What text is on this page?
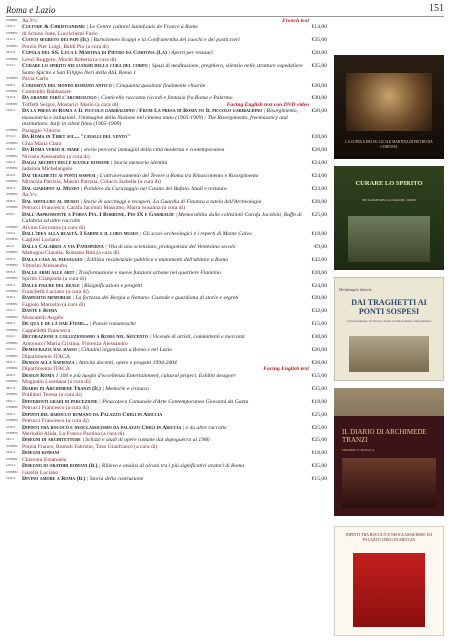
Roma e Lazio	151
9788882 Aa.Vv.	French text
1200-1	Culture & Christianisme | Le Centre culturel SaintLouis de France à Rome	€14,00
9788882 di Schino June, Luccichenti Furio
1412-3	Cuoco segreto dei papi (Il) | Bartolomeo Scappi e la Confraternita dei cuochi e dei pasticcieri	€35,00
9788882 Porzio Pier Luigi, Baldi Pio (a cura di)
3115-8	Cupola del SS. Luca e Martina di Pietro da Cortona (La) | Aperti per restauri	€20,00
9788882 Lenci Ruggero, Mochi Roberta (a cura di)
3744-1	Curare lo spirito nei luoghi della cura del corpo | Spazi di meditazione, preghiera, silenzio nelle strutture ospedaliere Santo Spirito e San Filippo Neri della ASL Roma 1
€25,00
9788882 Pavia Carlo
0198-7	Curiosità del mondo romano antico | Cinquanta questioni finalmente chiarite	€30,00
9788882 Conticello Baldassare
1943-8	Da grande farò l'archeologo | Conticello racconta ricordi e fantasia fra Roma e Palermo	€30,00
9788882 Toffetti Sergio, Mostarici Mario (a cura di)	Facing English text con DVD video
1320-1	Da la presa di Roma a Il piccolo garibaldino / From La presa di Roma to Il piccolo garibaldino | Risorgimento, massoneria e istituzioni: l'immagine della Nazione nel cinema muto (1905-1909) / The Risorgimento, freemasonry and institutions: Italy in silent films (1905-1909)
€20,00
9788882 Paraggio Vittorio
8733-0	Da Roma in Tibet sul... "cavalli del vento"	€20,00
9788882 Ghia Maria Clara
3538-6	Da Roma verso il mare | storie percorsi immagini della città moderna e contemporanea	€28,00
9788882 Nicosia Alessandro (a cura di)
1002-6	Dagli archivi delle scuole romane | Storia memoria identità	€24,00
9788882 Iadarola Michelangelo
3510-4	Dai traghetti ai ponti sospesi | L'attraversamento del Tevere a Roma tra Rinascimento e Risorgimento	€24,00
9788882 Miracola Patrizia, Masini Patrizia, Colucci Isabella (a cura di)
2651-3	Dal giardino al Museo | Polidoro da Caravaggio nel Casino del Bufalo. Studi e restauro	€23,00
9788882 Aa.Vv.
3935-8	Dal sepolcro al museo | Storie di saccheggi e recuperi. La Guardia di Finanza a tutela dell'Archeologia	€28,00
9788882 Petrucci Francesco, Carafa Jacobini Massimo, Marra Susanna (a cura di)
2059-7	Dall'Aspromonte a Porta Pia. I Borbone, Pio IX e Garibaldi | Memorabilia dalle collezioni Carafa Jacobini, Ruffo di Calabria ed altre raccolte
€25,00
9788882 Alvino Giovanna (a cura di)
1166-5	Dall'idea alla realtà. I Sabini e il loro museo | Gli scavi archeologici e i reperti di Monte Calvo	€18,00
9788866 Caglioti Luciano
922-8	Dalla Calabria a via Panisperna | Vita di uno scienziato, protagonista del Ventesimo secolo	€9,00
9788882 Mattogno Claudia, Romano Rita (a cura di)
3795-3	Dalla casa al paesaggio | Edilizia residenziale pubblica e mutamenti dell'abitare a Roma	€42,00
9788882 Vittorini Alessandra
0555-8	Dalle armi alle arti | Trasformazione e nuove funzioni urbane nel quartiere Flaminio	€20,00
9788882 Spirito Gianpaola (a cura di)
1691-3	Dalle figure del reale | Risignificazioni e progetti	€24,00
9788882 Franchetti Luciano (a cura di)
4648-7	Damnatio memoriae | La fortezza dei Borgia a Nettuno. Custode e guardiana di storie e segreti	€20,00
9788882 Fagiolo Marcello (a cura di)
4190-7	Dante e Roma	€32,00
9788882 Moscarelli Angelo
3482-1	De qua e de là dar Fiume... | Poesie romanesche	€15,00
9788882 Cappelletti Francesca
2042-9	Decorazione e collezionismo a Roma nel Seicento | Vicende di artisti, committenti e mercanti	€30,00
9788882 Antonucci Maria Cristina, Fiorenza Alessandro
3252-3	Democrazia dal basso | Cittadini organizzati a Roma e nel Lazio	€20,00
9788882 Dipartimento ITACA
0661-6	Design alla Sapienza | Attività docenti, opere e progetti 1994-2004	€28,00
9788882 Dipartimento ITACA	Facing English text
0659-3	Design Roma 1 100 e più luoghi d'eccellenza Entertainment, cultural project, Exhibit designer	€15,00
9788882 Mugnaini Loredana (a cura di)
3857-8	Diario di Archimede Tranzi (Il) | Memorie e cronaca	€35,00
9788882 Pollidori Teresa (a cura di)
1562-7	Differenti gradi di percezione | Pinacoteca Comunale d'Arte Contemporanea Giovanni da Gaeta	€18,00
9788882 Petrucci Francesco (a cura di)
2499-1	Dipinti del barocco romano da Palazzo Chigi in Ariccia	€25,00
9788882 Petrucci Francesco (a cura di)
2708-4	Dipinti tra rococò e neoclassicismo da palazzo Chigi in Ariccia | e da altre raccolte	€25,00
9788866 Merlodio Alida, La Franca Paolina (a cura di)
630-4	Disegni di architetture | Schizzi e studi di opere romane dal dopoguerra al 1980	€25,00
9788882 Porzia Franco, Romoli Fabrizio, Toso Gianfranco (a cura di)
2441-2	Disegni romani	€18,00
9788882 Chiavoni Emanuela
1493-2	Disegno di oratori romani (Il) | Rilievo e analisi di alcuni tra i più significativi oratori di Roma	€25,00
9788882 Garella Luciano
1238-9	Divino amore a Roma (Il) | Storia della costruzione	€15,00
LA CUPOLA DEI SS. LUCA E MARTINA DI PIETRO DA CORTONA
CURARE LO SPIRITO
NEI LUOGHI DELLA CURA DEL CORPO
Michelangelo Iadarola
DAI TRAGHETTI AI PONTI SOSPESI
L'attraversamento del Tevere a Roma tra Rinascimento e Risorgimento
IL DIARIO DI ARCHIMEDE TRANZI
MEMORIE E CRONACA
DIPINTI TRA ROCOCÒ E NEOCLASSICISMO DA PALAZZO CHIGI IN ARICCIA
